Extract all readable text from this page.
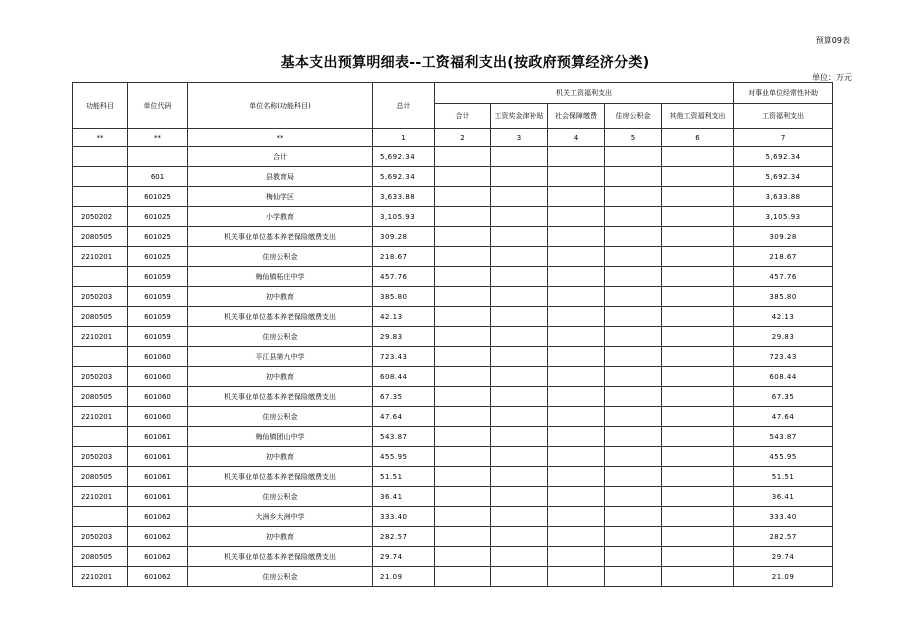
预算09表
基本支出预算明细表--工资福利支出(按政府预算经济分类)
单位：万元
功能科目	单位代码	单位名称(功能科目)	总计	机关工资福利支出					对事业单位经常性补助
				合计	工资奖金津补贴	社会保障缴费	住房公积金	其他工资福利支出	工资福利支出
**	**	**	1	2	3	4	5	6	7
		合计	5,692.34						5,692.34
	601	县教育局	5,692.34						5,692.34
	601025	梅仙学区	3,633.88						3,633.88
2050202	601025	小学教育	3,105.93						3,105.93
2080505	601025	机关事业单位基本养老保险缴费支出	309.28						309.28
2210201	601025	住房公积金	218.67						218.67
	601059	梅仙镇柘庄中学	457.76						457.76
2050203	601059	初中教育	385.80						385.80
2080505	601059	机关事业单位基本养老保险缴费支出	42.13						42.13
2210201	601059	住房公积金	29.83						29.83
	601060	平江县第九中学	723.43						723.43
2050203	601060	初中教育	608.44						608.44
2080505	601060	机关事业单位基本养老保险缴费支出	67.35						67.35
2210201	601060	住房公积金	47.64						47.64
	601061	梅仙镇团山中学	543.87						543.87
2050203	601061	初中教育	455.95						455.95
2080505	601061	机关事业单位基本养老保险缴费支出	51.51						51.51
2210201	601061	住房公积金	36.41						36.41
	601062	大洲乡大洲中学	333.40						333.40
2050203	601062	初中教育	282.57						282.57
2080505	601062	机关事业单位基本养老保险缴费支出	29.74						29.74
2210201	601062	住房公积金	21.09						21.09
